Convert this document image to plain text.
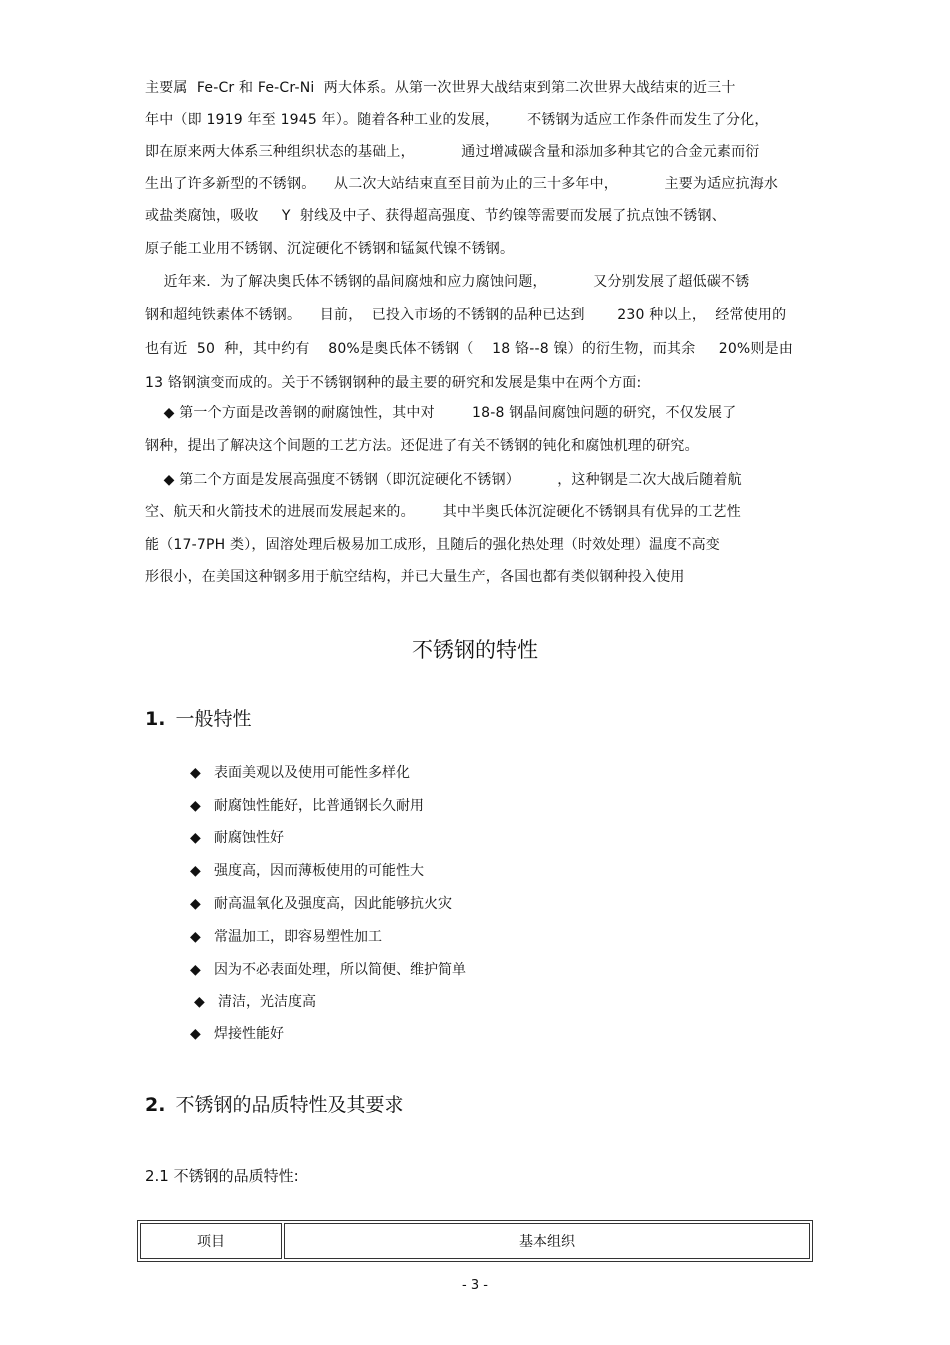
主要属  Fe-Cr 和 Fe-Cr-Ni  两大体系。从第一次世界大战结束到第二次世界大战结束的近三十
年中（即 1919 年至 1945 年）。随着各种工业的发展，      不锈钢为适应工作条件而发生了分化，
即在原来两大体系三种组织状态的基础上，          通过增减碳含量和添加多种其它的合金元素而衍
生出了许多新型的不锈钢。    从二次大站结束直至目前为止的三十多年中，          主要为适应抗海水
或盐类腐蚀，吸收     Y  射线及中子、获得超高强度、节约镍等需要而发展了抗点蚀不锈钢、
原子能工业用不锈钢、沉淀硬化不锈钢和锰氮代镍不锈钢。
近年来.  为了解决奥氏体不锈钢的晶间腐烛和应力腐蚀问题，          又分别发展了超低碳不锈
钢和超纯铁素体不锈钢。    目前，  已投入市场的不锈钢的品种已达到       230 种以上，  经常使用的
也有近  50  种，其中约有    80%是奥氏体不锈钢（    18 铬--8 镍）的衍生物，而其余     20%则是由
13 铬钢演变而成的。关于不锈钢钢种的最主要的研究和发展是集中在两个方面:
◆ 第一个方面是改善钢的耐腐蚀性，其中对        18-8 钢晶间腐蚀问题的研究，不仅发展了
钢种，提出了解决这个间题的工艺方法。还促进了有关不锈钢的钝化和腐蚀机理的研究。
◆ 第二个方面是发展高强度不锈钢（即沉淀硬化不锈钢）        ，这种钢是二次大战后随着航
空、航天和火箭技术的进展而发展起来的。      其中半奥氏体沉淀硬化不锈钢具有优异的工艺性
能（17-7PH 类），固溶处理后极易加工成形，且随后的强化热处理（时效处理）温度不高变
形很小，在美国这种钢多用于航空结构，并已大量生产，各国也都有类似钢种投入使用
不锈钢的特性
1. 一般特性
◆ 表面美观以及使用可能性多样化
◆ 耐腐蚀性能好，比普通钢长久耐用
◆ 耐腐蚀性好
◆ 强度高，因而薄板使用的可能性大
◆ 耐高温氧化及强度高，因此能够抗火灾
◆ 常温加工，即容易塑性加工
◆ 因为不必表面处理，所以简便、维护简单
◆ 清洁，光洁度高
◆ 焊接性能好
2. 不锈钢的品质特性及其要求
2.1 不锈钢的品质特性:
项目	基本组织
- 3 -
